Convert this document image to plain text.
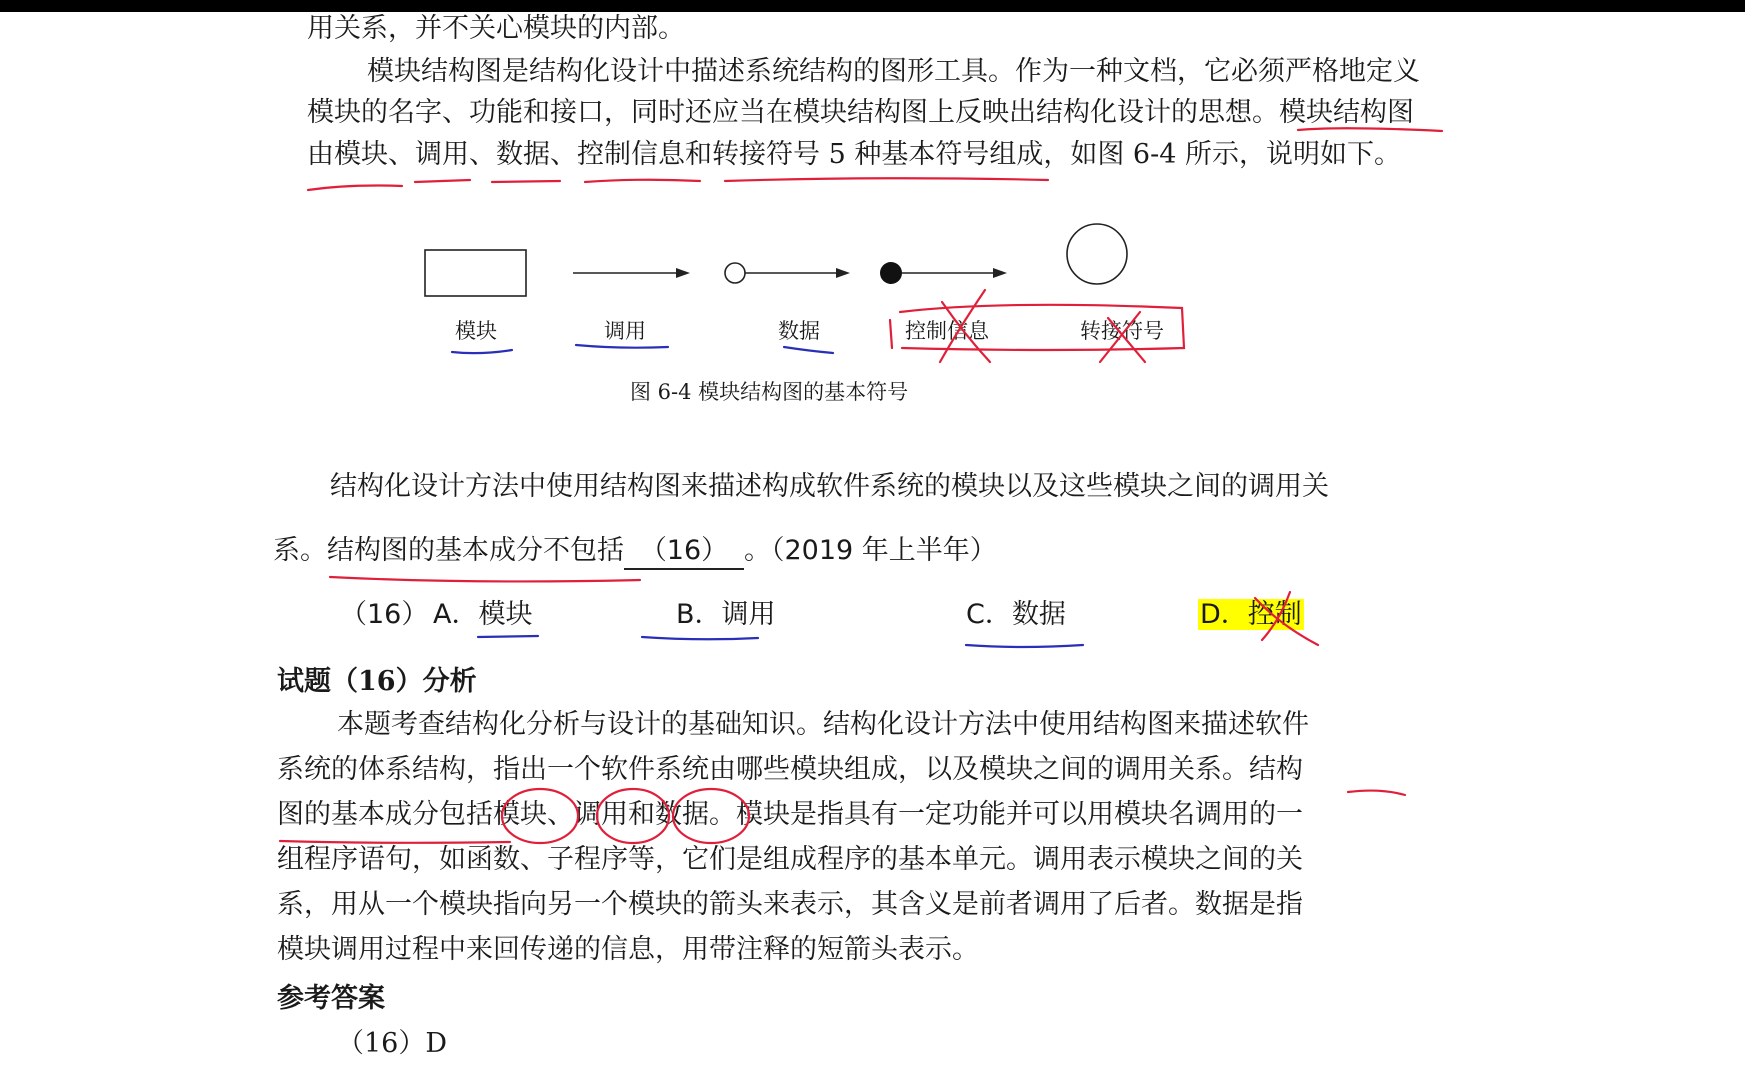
用关系，并不关心模块的内部。
模块结构图是结构化设计中描述系统结构的图形工具。作为一种文档，它必须严格地定义
模块的名字、功能和接口，同时还应当在模块结构图上反映出结构化设计的思想。模块结构图
由模块、调用、数据、控制信息和转接符号 5 种基本符号组成，如图 6-4 所示，说明如下。
模块	调用	数据	控制信息	转接符号
图 6-4 模块结构图的基本符号
结构化设计方法中使用结构图来描述构成软件系统的模块以及这些模块之间的调用关
系。结构图的基本成分不包括 （16） 。（2019 年上半年）
（16） A．模块	B．调用	C．数据	D．控制
试题（16）分析
本题考查结构化分析与设计的基础知识。结构化设计方法中使用结构图来描述软件
系统的体系结构，指出一个软件系统由哪些模块组成，以及模块之间的调用关系。结构
图的基本成分包括模块、调用和数据。模块是指具有一定功能并可以用模块名调用的一
组程序语句，如函数、子程序等，它们是组成程序的基本单元。调用表示模块之间的关
系，用从一个模块指向另一个模块的箭头来表示，其含义是前者调用了后者。数据是指
模块调用过程中来回传递的信息，用带注释的短箭头表示。
参考答案
（16）D
